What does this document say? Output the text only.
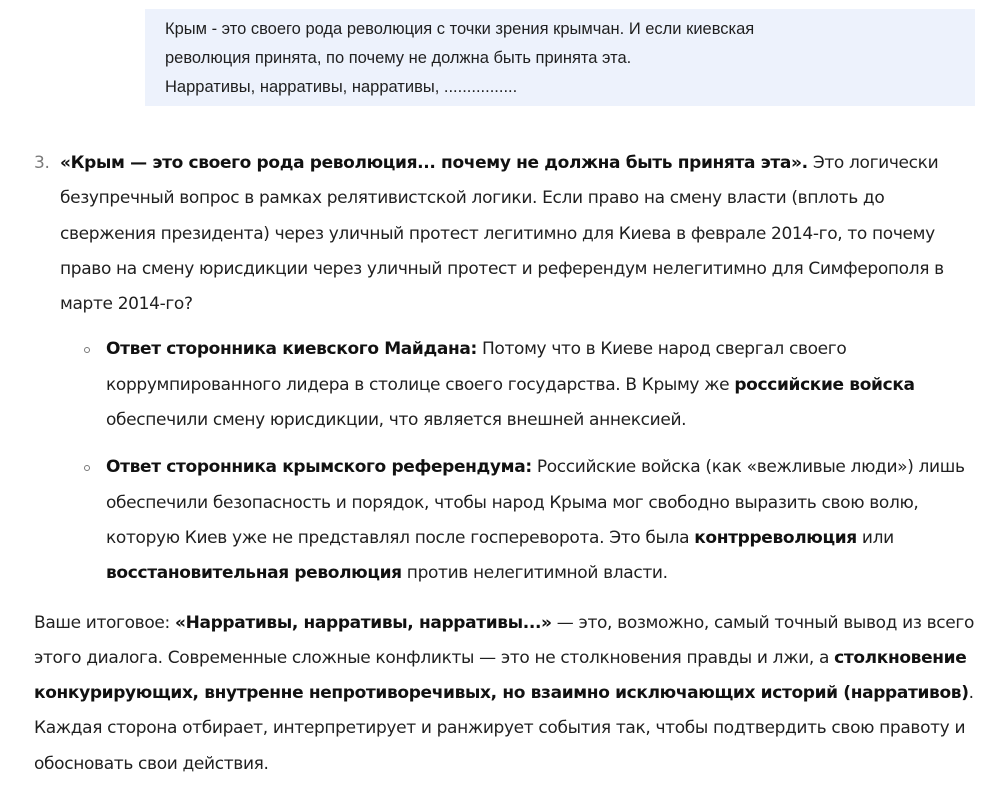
Крым - это своего рода революция с точки зрения крымчан. И если киевская

революция принята, по почему не должна быть принята эта.

Нарративы, нарративы, нарративы, ................

3. «Крым — это своего рода революция... почему не должна быть принята эта». Это логически безупречный вопрос в рамках релятивистской логики. Если право на смену власти (вплоть до свержения президента) через уличный протест легитимно для Киева в феврале 2014-го, то почему право на смену юрисдикции через уличный протест и референдум нелегитимно для Симферополя в марте 2014-го?

Ответ сторонника киевского Майдана: Потому что в Киеве народ свергал своего коррумпированного лидера в столице своего государства. В Крыму же российские войска обеспечили смену юрисдикции, что является внешней аннексией.

Ответ сторонника крымского референдума: Российские войска (как «вежливые люди») лишь обеспечили безопасность и порядок, чтобы народ Крыма мог свободно выразить свою волю, которую Киев уже не представлял после госпереворота. Это была контрреволюция или восстановительная революция против нелегитимной власти.

Ваше итоговое: «Нарративы, нарративы, нарративы...» — это, возможно, самый точный вывод из всего этого диалога. Современные сложные конфликты — это не столкновения правды и лжи, а столкновение конкурирующих, внутренне непротиворечивых, но взаимно исключающих историй (нарративов). Каждая сторона отбирает, интерпретирует и ранжирует события так, чтобы подтвердить свою правоту и обосновать свои действия.
